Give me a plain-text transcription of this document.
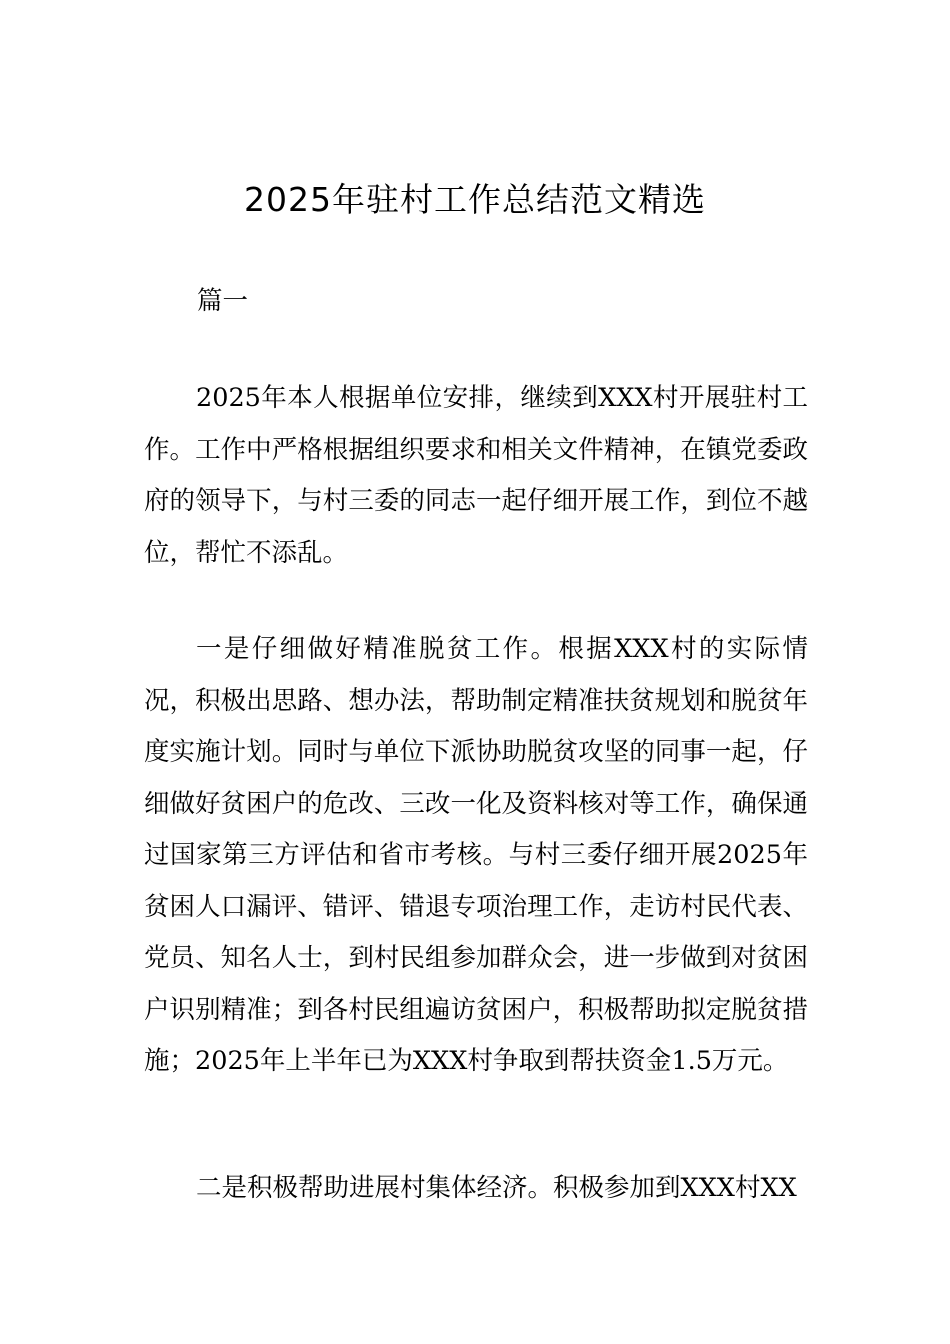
2025年驻村工作总结范文精选

篇一

2025年本人根据单位安排，继续到XXX村开展驻村工作。工作中严格根据组织要求和相关文件精神，在镇党委政府的领导下，与村三委的同志一起仔细开展工作，到位不越位，帮忙不添乱。

一是仔细做好精准脱贫工作。根据XXX村的实际情况，积极出思路、想办法，帮助制定精准扶贫规划和脱贫年度实施计划。同时与单位下派协助脱贫攻坚的同事一起，仔细做好贫困户的危改、三改一化及资料核对等工作，确保通过国家第三方评估和省市考核。与村三委仔细开展2025年贫困人口漏评、错评、错退专项治理工作，走访村民代表、党员、知名人士，到村民组参加群众会，进一步做到对贫困户识别精准；到各村民组遍访贫困户，积极帮助拟定脱贫措施；2025年上半年已为XXX村争取到帮扶资金1.5万元。

二是积极帮助进展村集体经济。积极参加到XXX村XX
